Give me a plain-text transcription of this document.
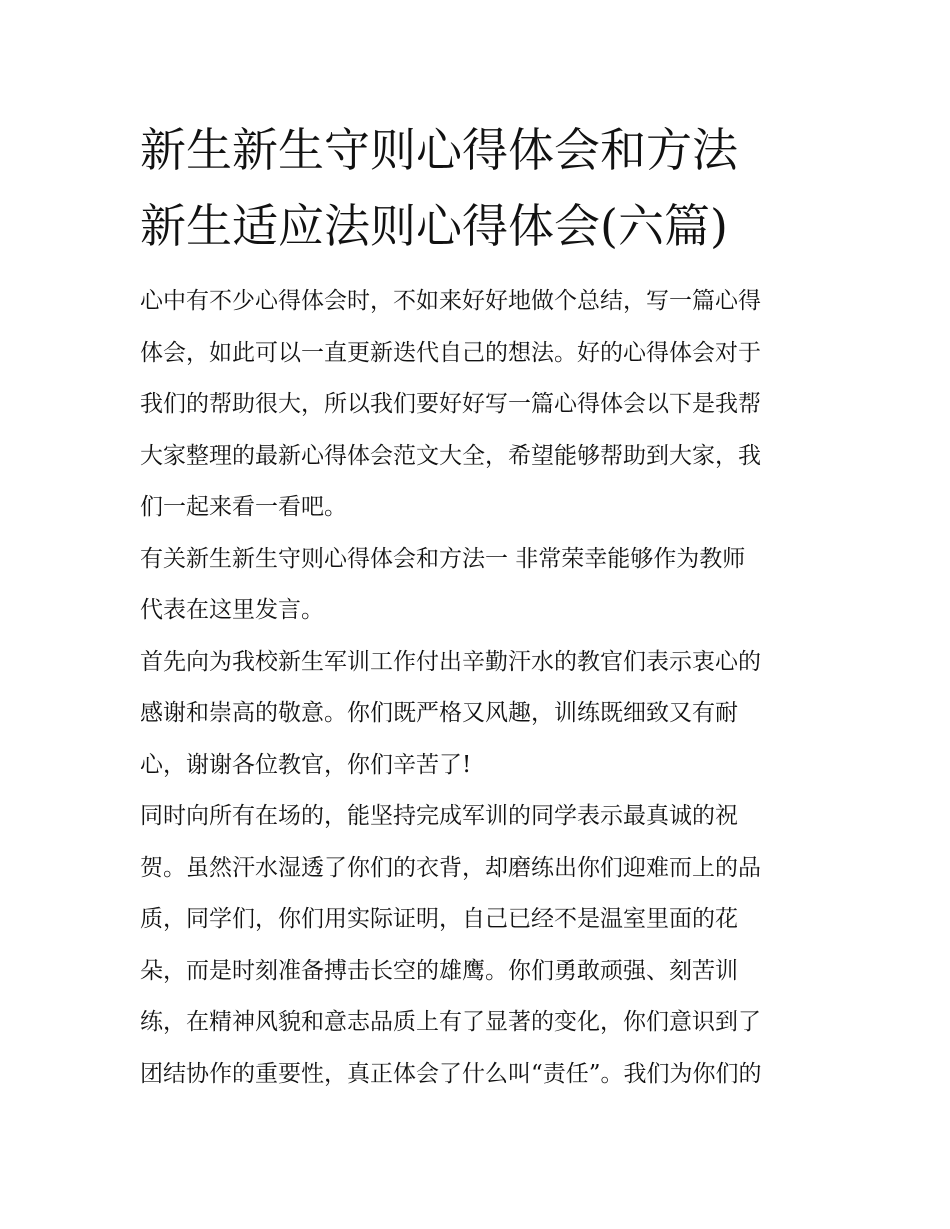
新生新生守则心得体会和方法
新生适应法则心得体会(六篇)

心中有不少心得体会时，不如来好好地做个总结，写一篇心得
体会，如此可以一直更新迭代自己的想法。好的心得体会对于
我们的帮助很大，所以我们要好好写一篇心得体会以下是我帮
大家整理的最新心得体会范文大全，希望能够帮助到大家，我
们一起来看一看吧。

有关新生新生守则心得体会和方法一 非常荣幸能够作为教师
代表在这里发言。

首先向为我校新生军训工作付出辛勤汗水的教官们表示衷心的
感谢和崇高的敬意。你们既严格又风趣，训练既细致又有耐
心，谢谢各位教官，你们辛苦了!

同时向所有在场的，能坚持完成军训的同学表示最真诚的祝
贺。虽然汗水湿透了你们的衣背，却磨练出你们迎难而上的品
质，同学们，你们用实际证明，自己已经不是温室里面的花
朵，而是时刻准备搏击长空的雄鹰。你们勇敢顽强、刻苦训
练，在精神风貌和意志品质上有了显著的变化，你们意识到了
团结协作的重要性，真正体会了什么叫“责任”。我们为你们的
